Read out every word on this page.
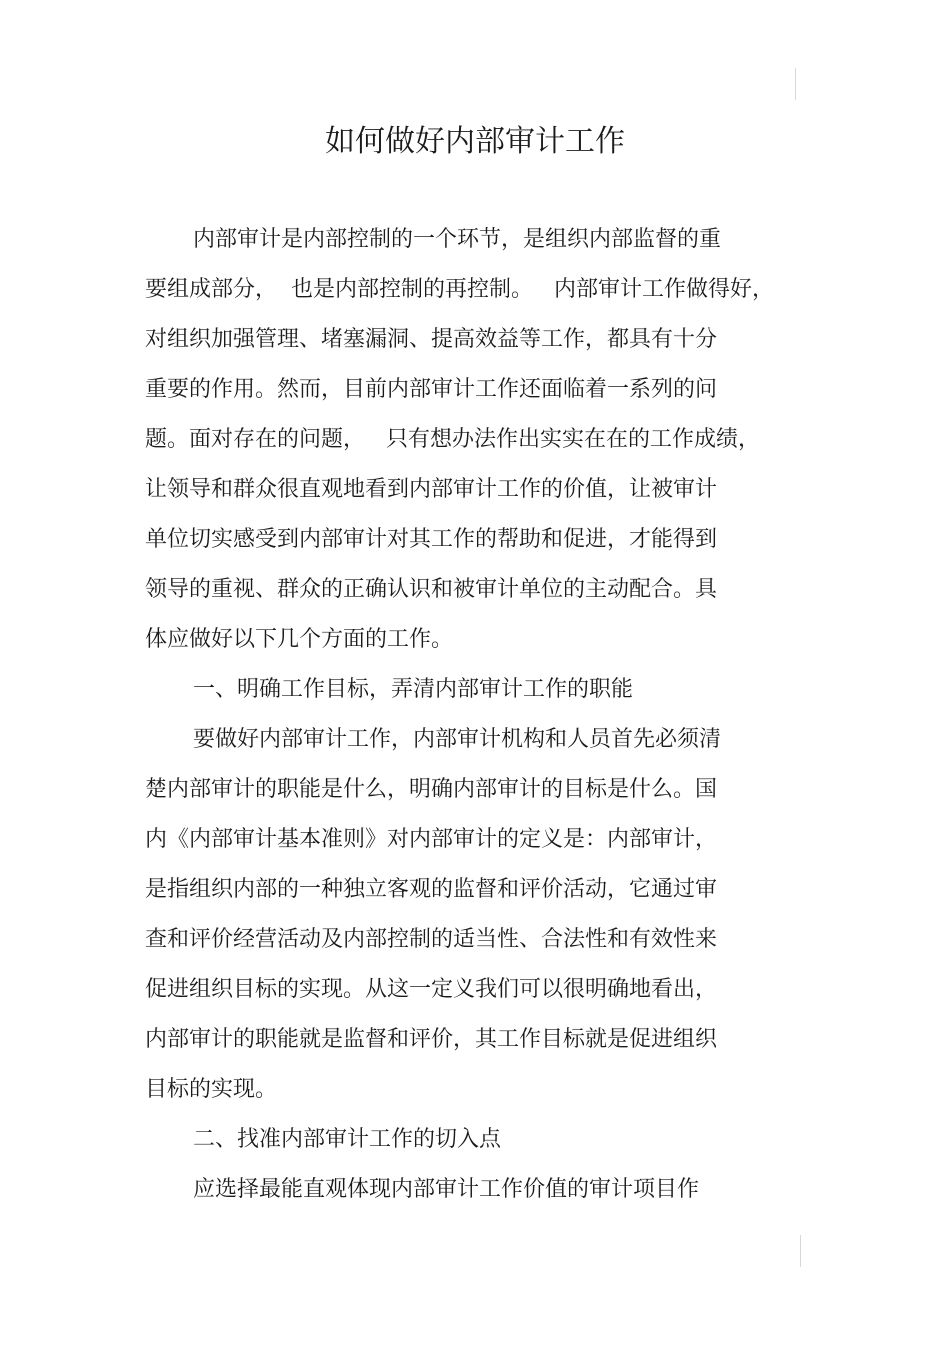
如何做好内部审计工作
内部审计是内部控制的一个环节，是组织内部监督的重
要组成部分，  也是内部控制的再控制。   内部审计工作做得好，
对组织加强管理、堵塞漏洞、提高效益等工作，都具有十分
重要的作用。然而，目前内部审计工作还面临着一系列的问
题。面对存在的问题，   只有想办法作出实实在在的工作成绩，
让领导和群众很直观地看到内部审计工作的价值，让被审计
单位切实感受到内部审计对其工作的帮助和促进，才能得到
领导的重视、群众的正确认识和被审计单位的主动配合。具
体应做好以下几个方面的工作。
一、明确工作目标，弄清内部审计工作的职能
要做好内部审计工作，内部审计机构和人员首先必须清
楚内部审计的职能是什么，明确内部审计的目标是什么。国
内《内部审计基本准则》对内部审计的定义是：内部审计，
是指组织内部的一种独立客观的监督和评价活动，它通过审
查和评价经营活动及内部控制的适当性、合法性和有效性来
促进组织目标的实现。从这一定义我们可以很明确地看出，
内部审计的职能就是监督和评价，其工作目标就是促进组织
目标的实现。
二、找准内部审计工作的切入点
应选择最能直观体现内部审计工作价值的审计项目作
